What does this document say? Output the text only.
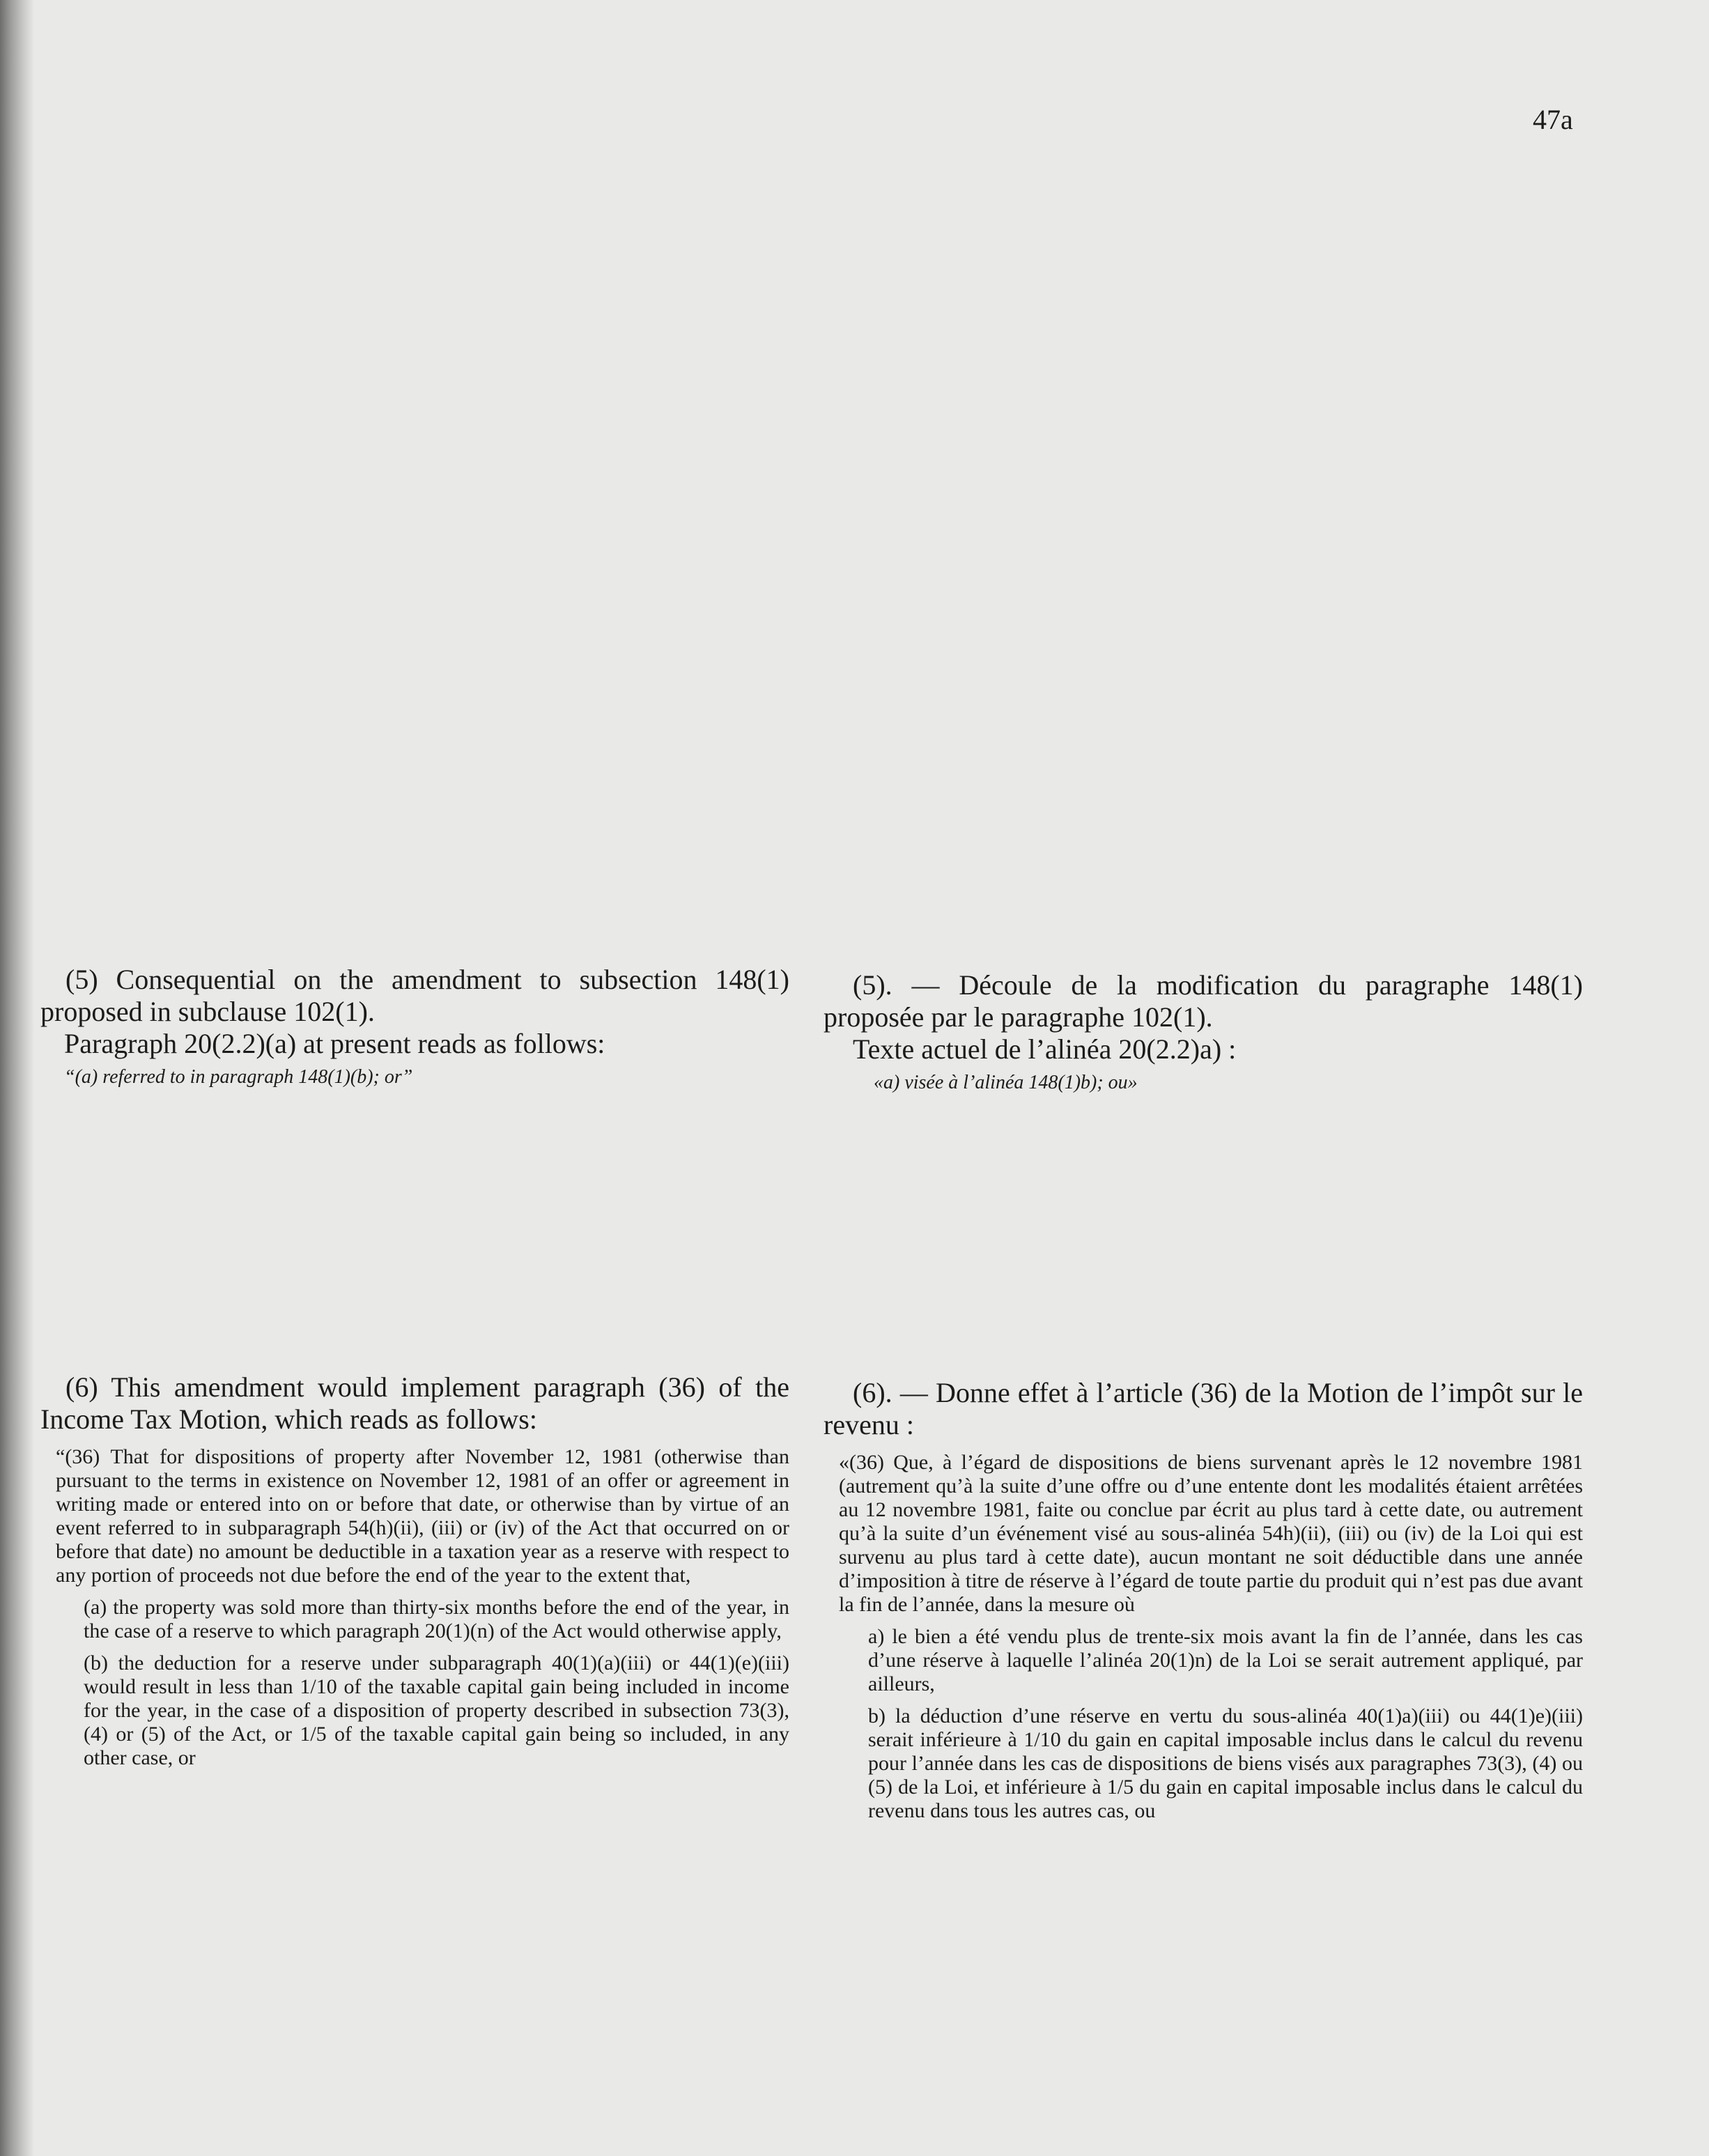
47a

(5) Consequential on the amendment to subsection 148(1) proposed in subclause 102(1).

Paragraph 20(2.2)(a) at present reads as follows:

“(a) referred to in paragraph 148(1)(b); or”

(5). — Découle de la modification du paragraphe 148(1) proposée par le paragraphe 102(1).

Texte actuel de l’alinéa 20(2.2)a) :

«a) visée à l’alinéa 148(1)b); ou»

(6) This amendment would implement paragraph (36) of the Income Tax Motion, which reads as follows:

“(36) That for dispositions of property after November 12, 1981 (otherwise than pursuant to the terms in existence on November 12, 1981 of an offer or agreement in writing made or entered into on or before that date, or otherwise than by virtue of an event referred to in subparagraph 54(h)(ii), (iii) or (iv) of the Act that occurred on or before that date) no amount be deductible in a taxation year as a reserve with respect to any portion of proceeds not due before the end of the year to the extent that,

(a) the property was sold more than thirty-six months before the end of the year, in the case of a reserve to which paragraph 20(1)(n) of the Act would otherwise apply,

(b) the deduction for a reserve under subparagraph 40(1)(a)(iii) or 44(1)(e)(iii) would result in less than 1/10 of the taxable capital gain being included in income for the year, in the case of a disposition of property described in subsection 73(3), (4) or (5) of the Act, or 1/5 of the taxable capital gain being so included, in any other case, or

(6). — Donne effet à l’article (36) de la Motion de l’impôt sur le revenu :

«(36) Que, à l’égard de dispositions de biens survenant après le 12 novembre 1981 (autrement qu’à la suite d’une offre ou d’une entente dont les modalités étaient arrêtées au 12 novembre 1981, faite ou conclue par écrit au plus tard à cette date, ou autrement qu’à la suite d’un événement visé au sous-alinéa 54h)(ii), (iii) ou (iv) de la Loi qui est survenu au plus tard à cette date), aucun montant ne soit déductible dans une année d’imposition à titre de réserve à l’égard de toute partie du produit qui n’est pas due avant la fin de l’année, dans la mesure où

a) le bien a été vendu plus de trente-six mois avant la fin de l’année, dans les cas d’une réserve à laquelle l’alinéa 20(1)n) de la Loi se serait autrement appliqué, par ailleurs,

b) la déduction d’une réserve en vertu du sous-alinéa 40(1)a)(iii) ou 44(1)e)(iii) serait inférieure à 1/10 du gain en capital imposable inclus dans le calcul du revenu pour l’année dans les cas de dispositions de biens visés aux paragraphes 73(3), (4) ou (5) de la Loi, et inférieure à 1/5 du gain en capital imposable inclus dans le calcul du revenu dans tous les autres cas, ou
